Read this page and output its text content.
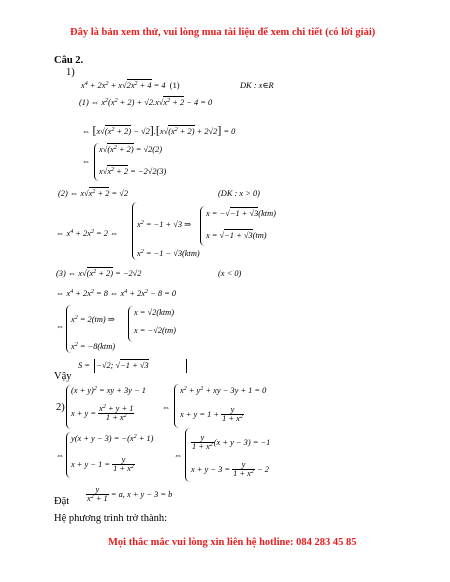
Đây là bản xem thử, vui lòng mua tài liệu để xem chi tiết (có lời giải)
Câu 2.
1)
$x^4 + 2x^2 + x√2x^2 + 4 = 4$  (1)	DK : x∈R
(1) ⇔ $x^2(x^2 + 2) + √2.x√x^2 + 2 - 4 = 0$
⇔ $[x√(x^2 + 2) - √2].[x√(x^2 + 2) + 2√2] = 0$
⇔
$x√(x^2 + 2) = √2(2)$
$x√x^2 + 2 = -2√2(3)$
(2) ⇔ $x√x^2 + 2 = √2$	(DK : x > 0)
⇔ $x^4 + 2x^2 = 2$ ⇔
$x^2 = -1 + √3$ ⇒
x = −√−1 + √3(ktm)
x = √−1 + √3(tm)
$x^2 = -1 - √3(ktm)$
(3) ⇔ $x√(x^2 + 2) = -2√2$	(x < 0)
⇔ $x^4 + 2x^2 = 8$ ⇔ $x^4 + 2x^2 - 8 = 0$
⇔
$x^2 = 2(tm)$ ⇒
x = √2(ktm)
x = −√2(tm)
$x^2 = -8(ktm)$
S =
−√2; √−1 + √3
Vậy
2)
$(x + y)^2$ = xy + 3y − 1
$x + y = \frac{x^2 + y + 1}{1 + x^2}$	⇔
$x^2 + y^2$ + xy − 3y + 1 = 0
$x + y = 1 + \frac{y}{1 + x^2}$
⇔
$y(x + y - 3) = -(x^2 + 1)$
$x + y - 1 = \frac{y}{1 + x^2}$
⇔
$\frac{y}{1 + x^2} (x + y - 3) = -1$
$x + y - 3 = \frac{y}{1 + x^2} - 2$
$\frac{y}{x^2 + 1} = a$, x + y − 3 = b
Đặt
Hệ phương trình trở thành:
Mọi thắc mắc vui lòng xin liên hệ hotline: 084 283 45 85
